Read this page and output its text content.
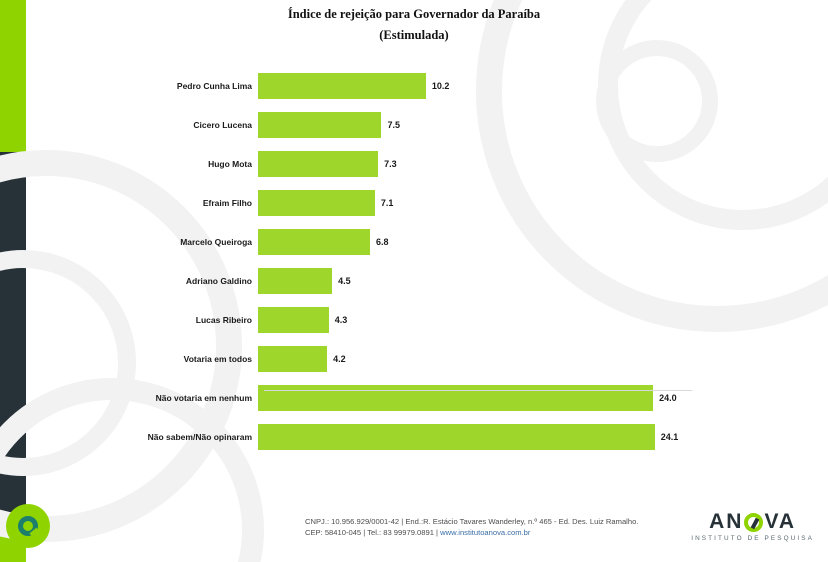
Índice de rejeição para Governador da Paraíba
(Estimulada)
Pedro Cunha Lima	10.2
Cicero Lucena	7.5
Hugo Mota	7.3
Efraim Filho	7.1
Marcelo Queiroga	6.8
Adriano Galdino	4.5
Lucas Ribeiro	4.3
Votaria em todos	4.2
Não votaria em nenhum	24.0
Não sabem/Não opinaram	24.1
CNPJ.: 10.956.929/0001-42 | End.:R. Estácio Tavares Wanderley, n.º 465 - Ed. Des. Luiz Ramalho.
CEP: 58410-045 | Tel.: 83 99979.0891 | www.institutoanova.com.br	AN VA
INSTITUTO DE PESQUISA
